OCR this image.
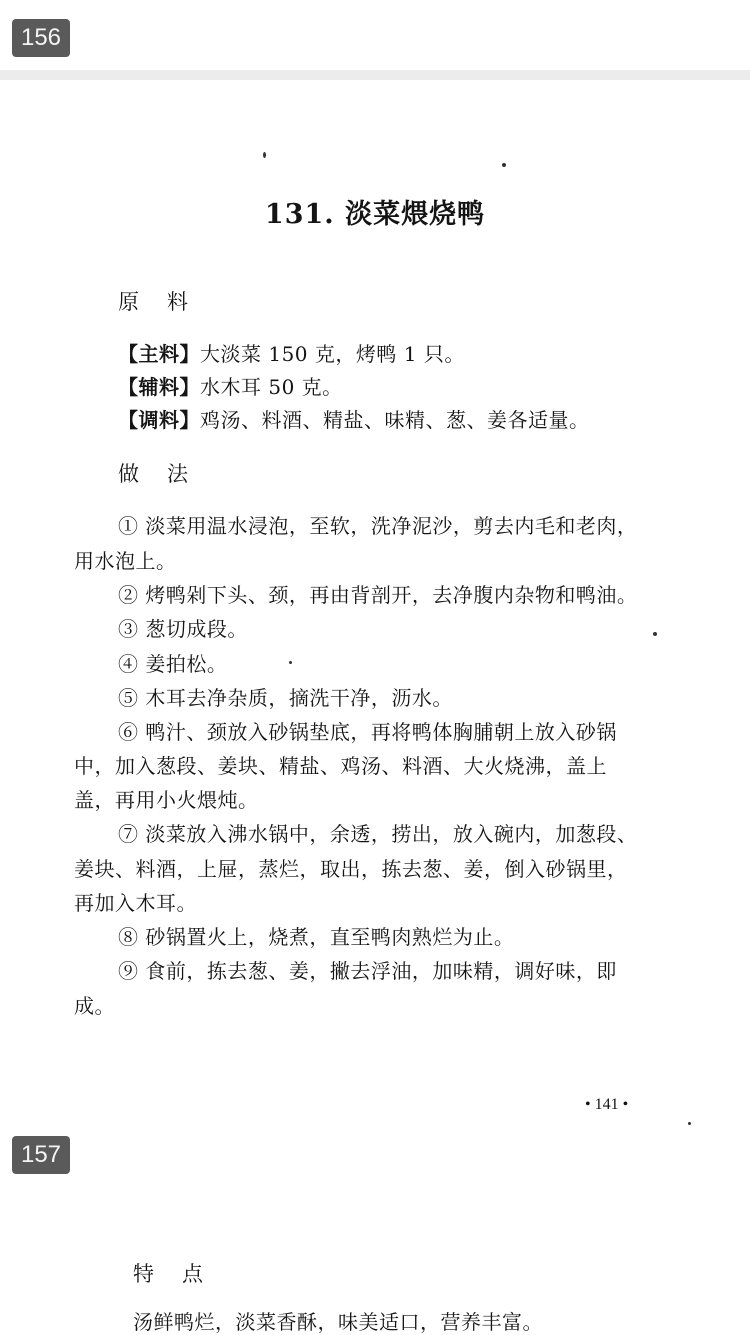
156
131. 淡菜煨烧鸭
原 料
【主料】大淡菜 150 克，烤鸭 1 只。
【辅料】水木耳 50 克。
【调料】鸡汤、料酒、精盐、味精、葱、姜各适量。
做 法
① 淡菜用温水浸泡，至软，洗净泥沙，剪去内毛和老肉，
用水泡上。
② 烤鸭剁下头、颈，再由背剖开，去净腹内杂物和鸭油。
③ 葱切成段。
④ 姜拍松。
⑤ 木耳去净杂质，摘洗干净，沥水。
⑥ 鸭汁、颈放入砂锅垫底，再将鸭体胸脯朝上放入砂锅
中，加入葱段、姜块、精盐、鸡汤、料酒、大火烧沸，盖上
盖，再用小火煨炖。
⑦ 淡菜放入沸水锅中，余透，捞出，放入碗内，加葱段、
姜块、料酒，上屉，蒸烂，取出，拣去葱、姜，倒入砂锅里，
再加入木耳。
⑧ 砂锅置火上，烧煮，直至鸭肉熟烂为止。
⑨ 食前，拣去葱、姜，撇去浮油，加味精，调好味，即
成。
• 141 •
157
特 点
汤鲜鸭烂，淡菜香酥，味美适口，营养丰富。
